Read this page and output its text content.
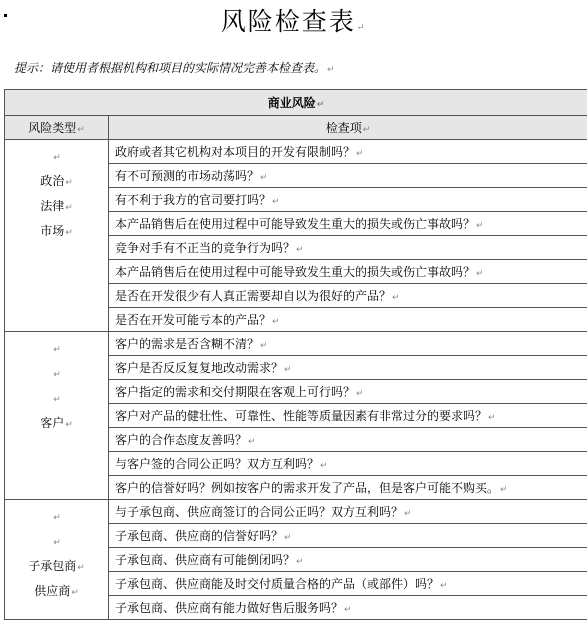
风险检查表↵
提示：请使用者根据机构和项目的实际情况完善本检查表。↵
商业风险↵	
风险类型↵	检查项↵

↵
政治↵
法律↵
市场↵	政府或者其它机构对本项目的开发有限制吗？↵
	有不可预测的市场动荡吗？↵
	有不利于我方的官司要打吗？↵
	本产品销售后在使用过程中可能导致发生重大的损失或伤亡事故吗？↵
	竞争对手有不正当的竞争行为吗？↵
	本产品销售后在使用过程中可能导致发生重大的损失或伤亡事故吗？↵
	是否在开发很少有人真正需要却自以为很好的产品？↵
	是否在开发可能亏本的产品？↵

↵
↵
↵
客户↵	客户的需求是否含糊不清？↵
	客户是否反反复复地改动需求？↵
	客户指定的需求和交付期限在客观上可行吗？↵
	客户对产品的健壮性、可靠性、性能等质量因素有非常过分的要求吗？↵
	客户的合作态度友善吗？↵
	与客户签的合同公正吗？双方互利吗？↵
	客户的信誉好吗？例如按客户的需求开发了产品，但是客户可能不购买。↵

↵
↵
子承包商↵
供应商↵	与子承包商、供应商签订的合同公正吗？双方互利吗？↵
	子承包商、供应商的信誉好吗？↵
	子承包商、供应商有可能倒闭吗？↵
	子承包商、供应商能及时交付质量合格的产品（或部件）吗？↵
	子承包商、供应商有能力做好售后服务吗？↵
